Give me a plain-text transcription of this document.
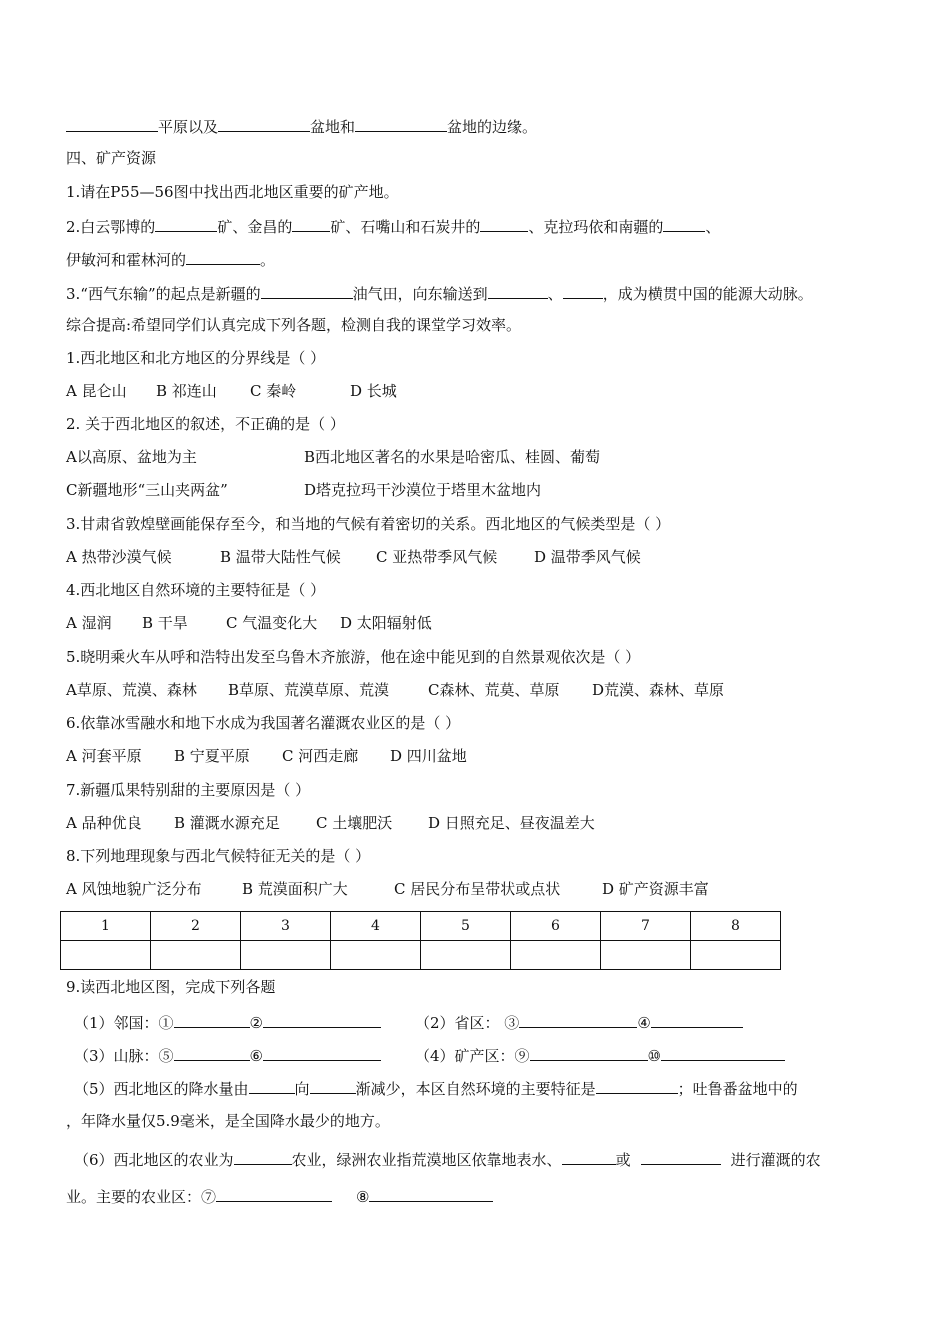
平原以及	盆地和	盆地的边缘。
四、矿产资源
1.请在P55—56图中找出西北地区重要的矿产地。
2.白云鄂博的	矿、金昌的	矿、石嘴山和石炭井的	、克拉玛依和南疆的	、
伊敏河和霍林河的	。
3.“西气东输”的起点是新疆的	油气田，向东输送到	、	，成为横贯中国的能源大动脉。
综合提高:希望同学们认真完成下列各题，检测自我的课堂学习效率。
1.西北地区和北方地区的分界线是（ ）
A 昆仑山 B 祁连山 C 秦岭	D 长城
2. 关于西北地区的叙述，不正确的是（ ）
A以高原、盆地为主	B西北地区著名的水果是哈密瓜、桂圆、葡萄
C新疆地形“三山夹两盆”	D塔克拉玛干沙漠位于塔里木盆地内
3.甘肃省敦煌壁画能保存至今，和当地的气候有着密切的关系。西北地区的气候类型是（ ）
A 热带沙漠气候	B 温带大陆性气候 C 亚热带季风气候 D 温带季风气候
4.西北地区自然环境的主要特征是（ ）
A 湿润 B 干旱	C 气温变化大 D 太阳辐射低
5.晓明乘火车从呼和浩特出发至乌鲁木齐旅游，他在途中能见到的自然景观依次是（ ）
A草原、荒漠、森林 B草原、荒漠草原、荒漠	C森林、荒莫、草原 D荒漠、森林、草原
6.依靠冰雪融水和地下水成为我国著名灌溉农业区的是（ ）
A 河套平原 B 宁夏平原 C 河西走廊 D 四川盆地
7.新疆瓜果特别甜的主要原因是（ ）
A 品种优良 B 灌溉水源充足 C 土壤肥沃 D 日照充足、昼夜温差大
8.下列地理现象与西北气候特征无关的是（ ）
A 风蚀地貌广泛分布	B 荒漠面积广大	C 居民分布呈带状或点状	D 矿产资源丰富
1	2	3	4	5	6	7	8

9.读西北地区图，完成下列各题
（1）邻国：①	②	（2）省区： ③	④
（3）山脉：⑤	⑥	（4）矿产区：⑨	⑩
（5）西北地区的降水量由	向	渐减少，本区自然环境的主要特征是	；吐鲁番盆地中的
，年降水量仅5.9毫米，是全国降水最少的地方。
（6）西北地区的农业为	农业，绿洲农业指荒漠地区依靠地表水、	或	进行灌溉的农
业。主要的农业区：⑦	⑧
